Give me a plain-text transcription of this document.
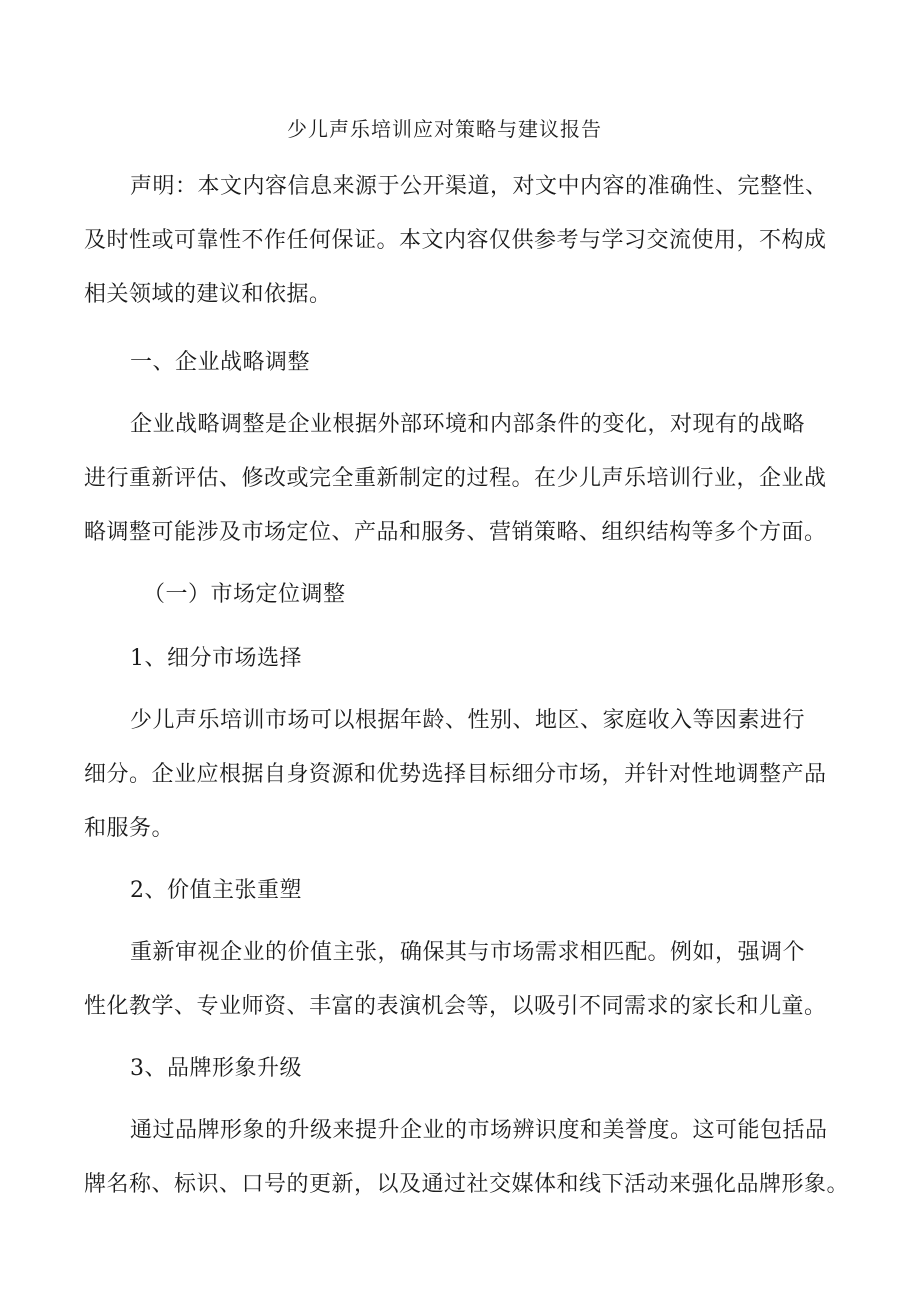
少儿声乐培训应对策略与建议报告
声明：本文内容信息来源于公开渠道，对文中内容的准确性、完整性、
及时性或可靠性不作任何保证。本文内容仅供参考与学习交流使用，不构成
相关领域的建议和依据。
一、企业战略调整
企业战略调整是企业根据外部环境和内部条件的变化，对现有的战略
进行重新评估、修改或完全重新制定的过程。在少儿声乐培训行业，企业战
略调整可能涉及市场定位、产品和服务、营销策略、组织结构等多个方面。
（一）市场定位调整
1、细分市场选择
少儿声乐培训市场可以根据年龄、性别、地区、家庭收入等因素进行
细分。企业应根据自身资源和优势选择目标细分市场，并针对性地调整产品
和服务。
2、价值主张重塑
重新审视企业的价值主张，确保其与市场需求相匹配。例如，强调个
性化教学、专业师资、丰富的表演机会等，以吸引不同需求的家长和儿童。
3、品牌形象升级
通过品牌形象的升级来提升企业的市场辨识度和美誉度。这可能包括品
牌名称、标识、口号的更新，以及通过社交媒体和线下活动来强化品牌形象。
